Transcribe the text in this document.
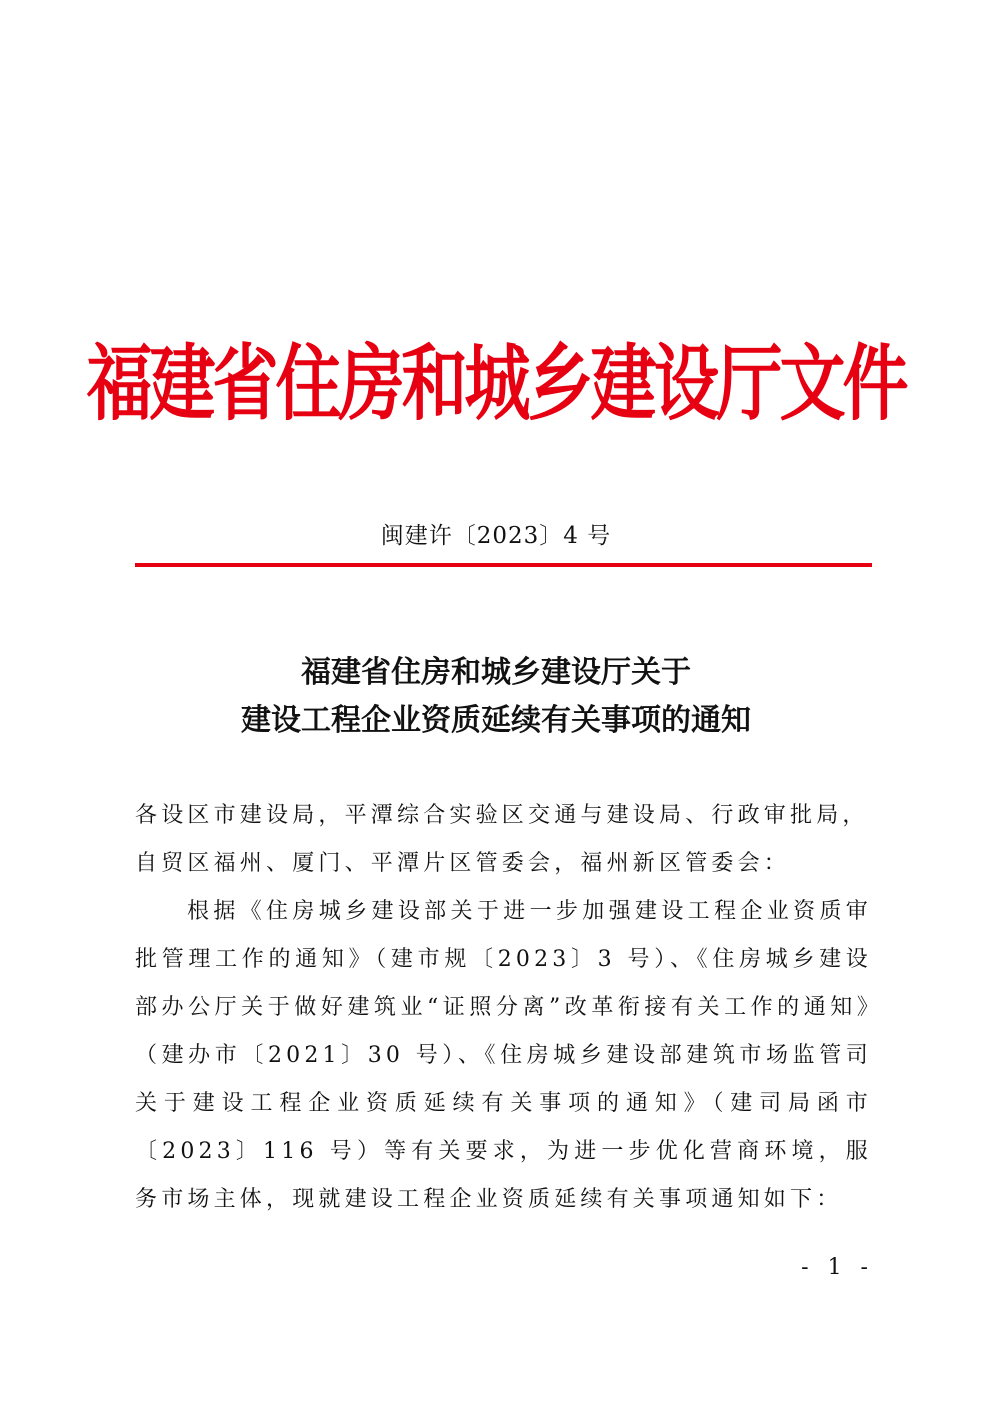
福建省住房和城乡建设厅文件
闽建许〔2023〕4 号
福建省住房和城乡建设厅关于
建设工程企业资质延续有关事项的通知
各设区市建设局，平潭综合实验区交通与建设局、行政审批局，自贸区福州、厦门、平潭片区管委会，福州新区管委会：
根据《住房城乡建设部关于进一步加强建设工程企业资质审批管理工作的通知》（建市规〔2023〕3 号）、《住房城乡建设部办公厅关于做好建筑业“证照分离”改革衔接有关工作的通知》（建办市〔2021〕30 号）、《住房城乡建设部建筑市场监管司关于建设工程企业资质延续有关事项的通知》（建司局函市〔2023〕116 号）等有关要求，为进一步优化营商环境，服务市场主体，现就建设工程企业资质延续有关事项通知如下：
- 1 -
